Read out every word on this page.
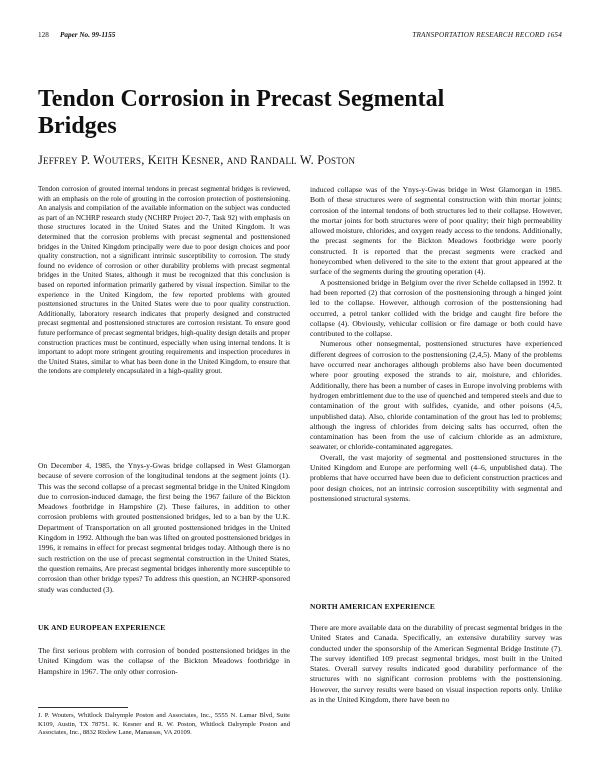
128 Paper No. 99-1155	TRANSPORTATION RESEARCH RECORD 1654
Tendon Corrosion in Precast Segmental Bridges
Jeffrey P. Wouters, Keith Kesner, and Randall W. Poston

Tendon corrosion of grouted internal tendons in precast segmental bridges is reviewed, with an emphasis on the role of grouting in the corrosion protection of posttensioning. An analysis and compilation of the available information on the subject was conducted as part of an NCHRP research study (NCHRP Project 20-7, Task 92) with emphasis on those structures located in the United States and the United Kingdom. It was determined that the corrosion problems with precast segmental and posttensioned bridges in the United Kingdom principally were due to poor design choices and poor quality construction, not a significant intrinsic susceptibility to corrosion. The study found no evidence of corrosion or other durability problems with precast segmental bridges in the United States, although it must be recognized that this conclusion is based on reported information primarily gathered by visual inspection. Similar to the experience in the United Kingdom, the few reported problems with grouted posttensioned structures in the United States were due to poor quality construction. Additionally, laboratory research indicates that properly designed and constructed precast segmental and posttensioned structures are corrosion resistant. To ensure good future performance of precast segmental bridges, high-quality design details and proper construction practices must be continued, especially when using internal tendons. It is important to adopt more stringent grouting requirements and inspection procedures in the United States, similar to what has been done in the United Kingdom, to ensure that the tendons are completely encapsulated in a high-quality grout.

On December 4, 1985, the Ynys-y-Gwas bridge collapsed in West Glamorgan because of severe corrosion of the longitudinal tendons at the segment joints (1). This was the second collapse of a precast segmental bridge in the United Kingdom due to corrosion-induced damage, the first being the 1967 failure of the Bickton Meadows footbridge in Hampshire (2). These failures, in addition to other corrosion problems with grouted posttensioned bridges, led to a ban by the U.K. Department of Transportation on all grouted posttensioned bridges in the United Kingdom in 1992. Although the ban was lifted on grouted posttensioned bridges in 1996, it remains in effect for precast segmental bridges today. Although there is no such restriction on the use of precast segmental construction in the United States, the question remains, Are precast segmental bridges inherently more susceptible to corrosion than other bridge types? To address this question, an NCHRP-sponsored study was conducted (3).

UK AND EUROPEAN EXPERIENCE

The first serious problem with corrosion of bonded posttensioned bridges in the United Kingdom was the collapse of the Bickton Meadows footbridge in Hampshire in 1967. The only other corrosion-

J. P. Wouters, Whitlock Dalrymple Poston and Associates, Inc., 5555 N. Lamar Blvd, Suite K109, Austin, TX 78751. K. Kesner and R. W. Poston, Whitlock Dalrymple Poston and Associates, Inc., 8832 Rixlew Lane, Manassas, VA 20109.

induced collapse was of the Ynys-y-Gwas bridge in West Glamorgan in 1985. Both of these structures were of segmental construction with thin mortar joints; corrosion of the internal tendons of both structures led to their collapse. However, the mortar joints for both structures were of poor quality; their high permeability allowed moisture, chlorides, and oxygen ready access to the tendons. Additionally, the precast segments for the Bickton Meadows footbridge were poorly constructed. It is reported that the precast segments were cracked and honeycombed when delivered to the site to the extent that grout appeared at the surface of the segments during the grouting operation (4).

A posttensioned bridge in Belgium over the river Schelde collapsed in 1992. It had been reported (2) that corrosion of the posttensioning through a hinged joint led to the collapse. However, although corrosion of the posttensioning had occurred, a petrol tanker collided with the bridge and caught fire before the collapse (4). Obviously, vehicular collision or fire damage or both could have contributed to the collapse.

Numerous other nonsegmental, posttensioned structures have experienced different degrees of corrosion to the posttensioning (2,4,5). Many of the problems have occurred near anchorages although problems also have been documented where poor grouting exposed the strands to air, moisture, and chlorides. Additionally, there has been a number of cases in Europe involving problems with hydrogen embrittlement due to the use of quenched and tempered steels and due to contamination of the grout with sulfides, cyanide, and other poisons (4,5, unpublished data). Also, chloride contamination of the grout has led to problems; although the ingress of chlorides from deicing salts has occurred, often the contamination has been from the use of calcium chloride as an admixture, seawater, or chloride-contaminated aggregates.

Overall, the vast majority of segmental and posttensioned structures in the United Kingdom and Europe are performing well (4–6, unpublished data). The problems that have occurred have been due to deficient construction practices and poor design choices, not an intrinsic corrosion susceptibility with segmental and posttensioned structural systems.

NORTH AMERICAN EXPERIENCE

There are more available data on the durability of precast segmental bridges in the United States and Canada. Specifically, an extensive durability survey was conducted under the sponsorship of the American Segmental Bridge Institute (7). The survey identified 109 precast segmental bridges, most built in the United States. Overall survey results indicated good durability performance of the structures with no significant corrosion problems with the posttensioning. However, the survey results were based on visual inspection reports only. Unlike as in the United Kingdom, there have been no
